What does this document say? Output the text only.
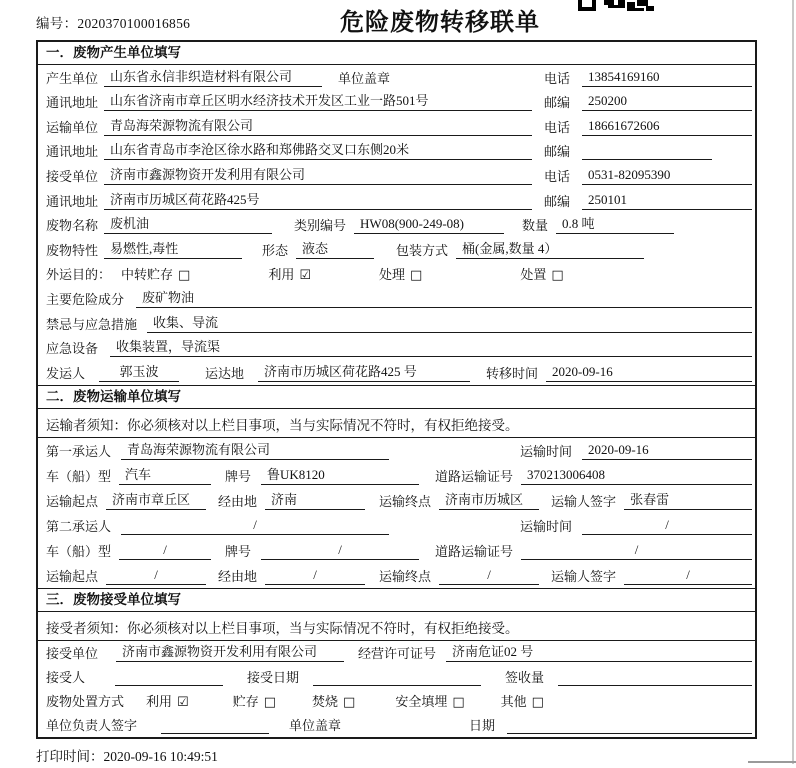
编号：2020370100016856	危险废物转移联单
一．废物产生单位填写
产生单位 山东省永信非织造材料有限公司	单位盖章	电话	13854169160
通讯地址 山东省济南市章丘区明水经济技术开发区工业一路501号	邮编	250200
运输单位 青岛海荣源物流有限公司	电话	18661672606
通讯地址 山东省青岛市李沧区徐水路和郑佛路交叉口东侧20米	邮编
接受单位 济南市鑫源物资开发利用有限公司	电话	0531-82095390
通讯地址 济南市历城区荷花路425号	邮编	250101
废物名称 废机油	类别编号	HW08(900-249-08)	数量	0.8 吨
废物特性 易燃性,毒性	形态	液态	包装方式	桶(金属,数量 4）
外运目的： 中转贮存 □	利用 ☑	处理 □	处置 □
主要危险成分	废矿物油
禁忌与应急措施	收集、导流
应急设备	收集装置，导流渠
发运人	郭玉波	运达地	济南市历城区荷花路425 号	转移时间	2020-09-16
二．废物运输单位填写
运输者须知：你必须核对以上栏目事项，当与实际情况不符时，有权拒绝接受。
第一承运人	青岛海荣源物流有限公司	运输时间	2020-09-16
车（船）型	汽车	牌号	鲁UK8120	道路运输证号	370213006408
运输起点	济南市章丘区	经由地	济南	运输终点	济南市历城区	运输人签字	张春雷
第二承运人	/	运输时间	/
车（船）型	/	牌号	/	道路运输证号	/
运输起点	/	经由地	/	运输终点	/	运输人签字	/
三．废物接受单位填写
接受者须知：你必须核对以上栏目事项，当与实际情况不符时，有权拒绝接受。
接受单位	济南市鑫源物资开发利用有限公司	经营许可证号	济南危证02 号
接受人	接受日期	签收量
废物处置方式 利用 ☑	贮存 □	焚烧 □	安全填埋 □	其他 □
单位负责人签字	单位盖章	日期
打印时间：2020-09-16 10:49:51
